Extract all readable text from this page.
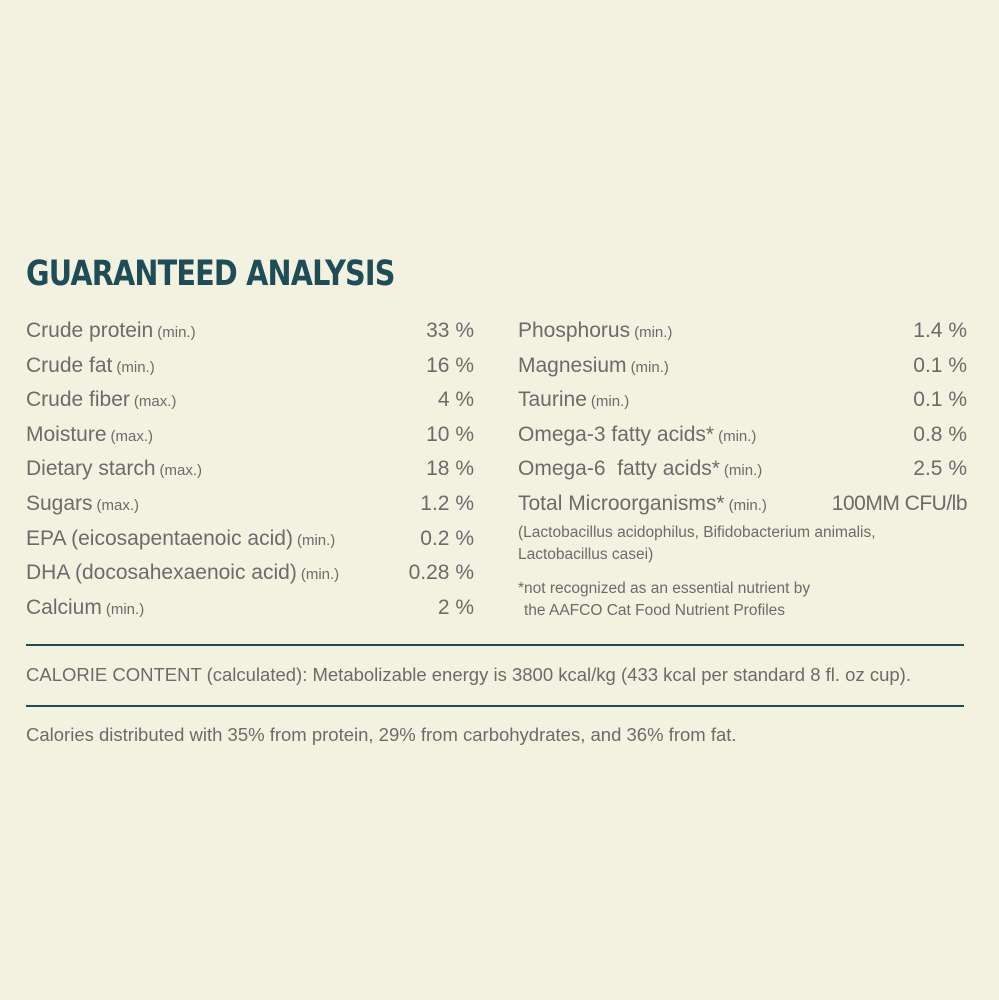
GUARANTEED ANALYSIS
Crude protein (min.)	33 %
Crude fat (min.)	16 %
Crude fiber (max.)	4 %
Moisture (max.)	10 %
Dietary starch (max.)	18 %
Sugars (max.)	1.2 %
EPA (eicosapentaenoic acid) (min.)	0.2 %
DHA (docosahexaenoic acid) (min.)	0.28 %
Calcium (min.)	2 %
Phosphorus (min.)	1.4 %
Magnesium (min.)	0.1 %
Taurine (min.)	0.1 %
Omega-3 fatty acids* (min.)	0.8 %
Omega-6  fatty acids* (min.)	2.5 %
Total Microorganisms* (min.)	100MM CFU/lb
(Lactobacillus acidophilus, Bifidobacterium animalis,
Lactobacillus casei)
*not recognized as an essential nutrient by
the AAFCO Cat Food Nutrient Profiles
CALORIE CONTENT (calculated): Metabolizable energy is 3800 kcal/kg (433 kcal per standard 8 fl. oz cup).
Calories distributed with 35% from protein, 29% from carbohydrates, and 36% from fat.
